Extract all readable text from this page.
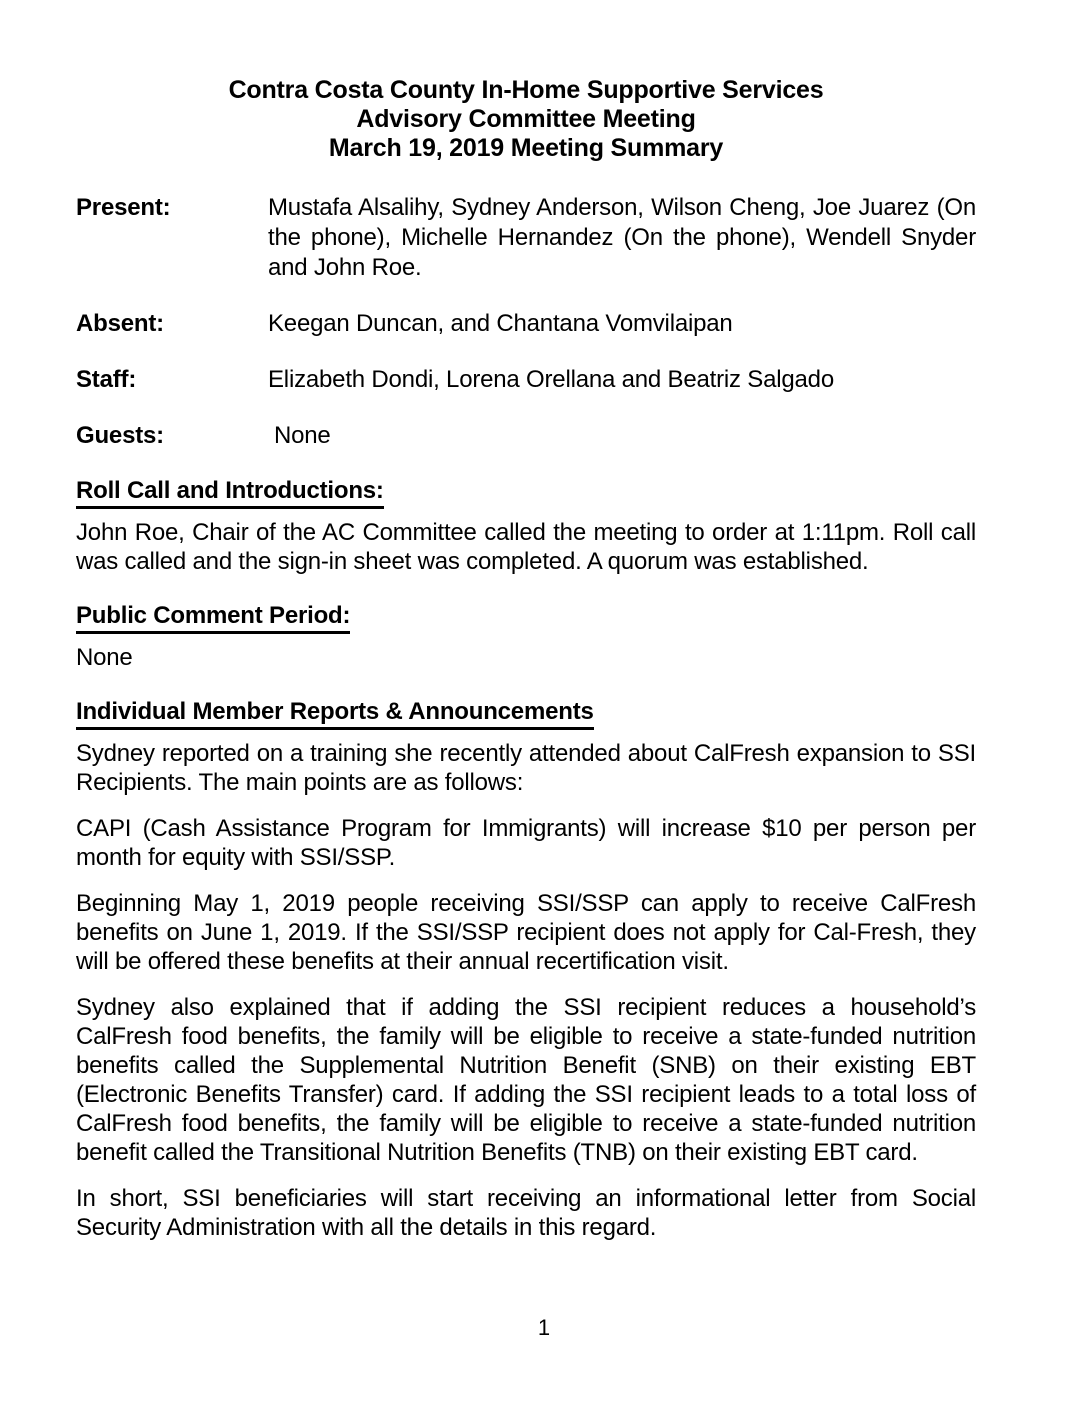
Contra Costa County In-Home Supportive Services
Advisory Committee Meeting
March 19, 2019 Meeting Summary
Present:	Mustafa Alsalihy, Sydney Anderson, Wilson Cheng, Joe Juarez (On the phone), Michelle Hernandez (On the phone), Wendell Snyder and John Roe.
Absent:	Keegan Duncan, and Chantana Vomvilaipan
Staff:	Elizabeth Dondi, Lorena Orellana and Beatriz Salgado
Guests:	None
Roll Call and Introductions:

John Roe, Chair of the AC Committee called the meeting to order at 1:11pm. Roll call was called and the sign-in sheet was completed. A quorum was established.

Public Comment Period:

None

Individual Member Reports & Announcements

Sydney reported on a training she recently attended about CalFresh expansion to SSI Recipients. The main points are as follows:

CAPI (Cash Assistance Program for Immigrants) will increase $10 per person per month for equity with SSI/SSP.

Beginning May 1, 2019 people receiving SSI/SSP can apply to receive CalFresh benefits on June 1, 2019. If the SSI/SSP recipient does not apply for Cal-Fresh, they will be offered these benefits at their annual recertification visit.

Sydney also explained that if adding the SSI recipient reduces a household’s CalFresh food benefits, the family will be eligible to receive a state-funded nutrition benefits called the Supplemental Nutrition Benefit (SNB) on their existing EBT (Electronic Benefits Transfer) card. If adding the SSI recipient leads to a total loss of CalFresh food benefits, the family will be eligible to receive a state-funded nutrition benefit called the Transitional Nutrition Benefits (TNB) on their existing EBT card.

In short, SSI beneficiaries will start receiving an informational letter from Social Security Administration with all the details in this regard.

1
